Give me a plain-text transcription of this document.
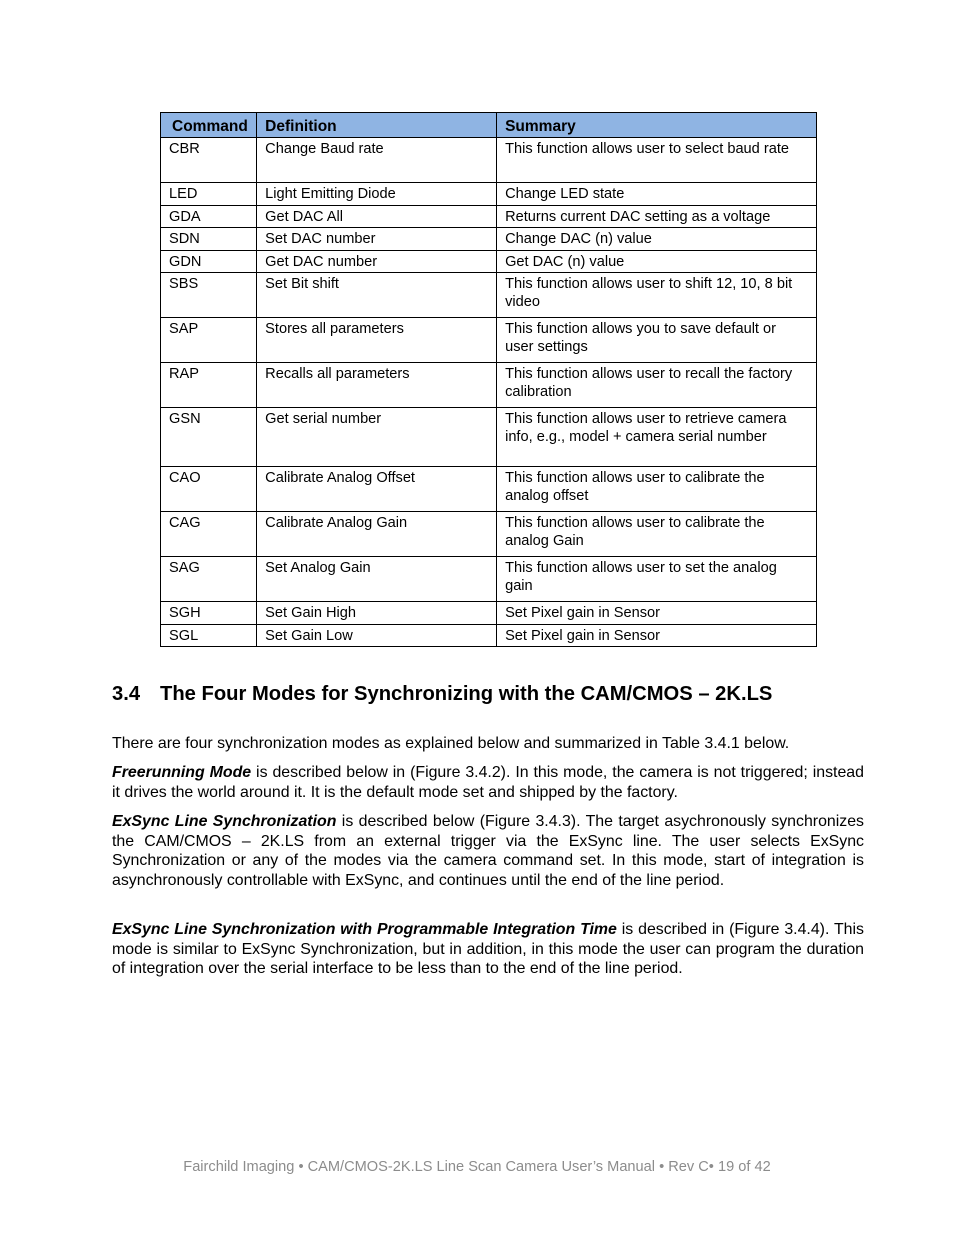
Command	Definition	Summary
CBR	Change Baud rate	This function allows user to select baud rate
LED	Light Emitting Diode	Change LED state
GDA	Get DAC All	Returns current DAC setting as a voltage
SDN	Set DAC number	Change DAC (n) value
GDN	Get DAC number	Get DAC (n) value
SBS	Set Bit shift	This function allows user to shift 12, 10, 8 bit video
SAP	Stores all parameters	This function allows you to save default or user settings
RAP	Recalls all parameters	This function allows user to recall the factory calibration
GSN	Get serial number	This function allows user to retrieve camera info, e.g., model + camera serial number
CAO	Calibrate Analog Offset	This function allows user to calibrate the analog offset
CAG	Calibrate Analog Gain	This function allows user to calibrate the analog Gain
SAG	Set Analog Gain	This function allows user to set the analog gain
SGH	Set Gain High	Set Pixel gain in Sensor
SGL	Set Gain Low	Set Pixel gain in Sensor
3.4 The Four Modes for Synchronizing with the CAM/CMOS – 2K.LS

There are four synchronization modes as explained below and summarized in Table 3.4.1 below.

Freerunning Mode is described below in (Figure 3.4.2). In this mode, the camera is not triggered; instead it drives the world around it. It is the default mode set and shipped by the factory.

ExSync Line Synchronization is described below (Figure 3.4.3). The target asychronously synchronizes the CAM/CMOS – 2K.LS from an external trigger via the ExSync line. The user selects ExSync Synchronization or any of the modes via the camera command set. In this mode, start of integration is asynchronously controllable with ExSync, and continues until the end of the line period.

ExSync Line Synchronization with Programmable Integration Time is described in (Figure 3.4.4). This mode is similar to ExSync Synchronization, but in addition, in this mode the user can program the duration of integration over the serial interface to be less than to the end of the line period.

Fairchild Imaging • CAM/CMOS-2K.LS Line Scan Camera User’s Manual • Rev C• 19 of 42
